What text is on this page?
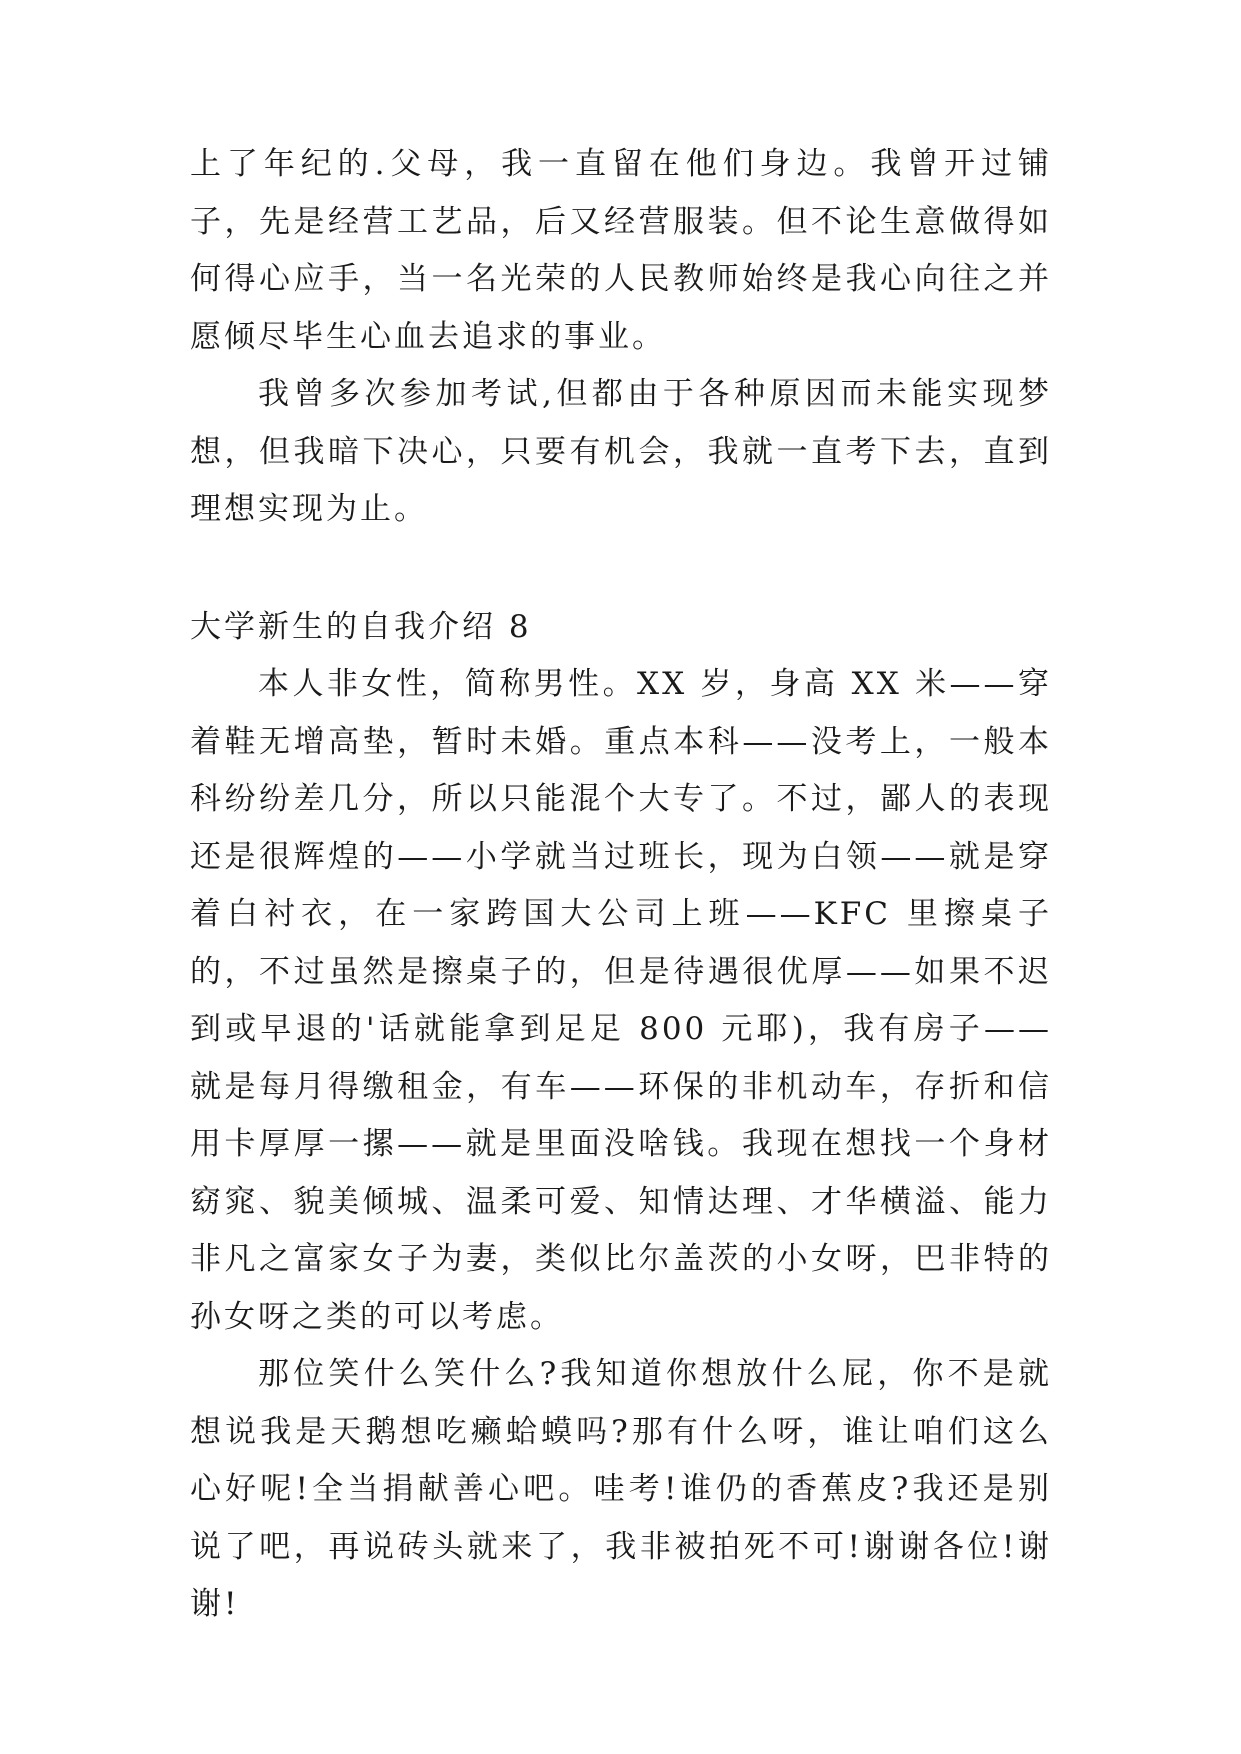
上了年纪的.父母，我一直留在他们身边。我曾开过铺子，先是经营工艺品，后又经营服装。但不论生意做得如何得心应手，当一名光荣的人民教师始终是我心向往之并愿倾尽毕生心血去追求的事业。

我曾多次参加考试,但都由于各种原因而未能实现梦想，但我暗下决心，只要有机会，我就一直考下去，直到理想实现为止。

大学新生的自我介绍 8

本人非女性，简称男性。XX 岁，身高 XX 米——穿着鞋无增高垫，暂时未婚。重点本科——没考上，一般本科纷纷差几分，所以只能混个大专了。不过，鄙人的表现还是很辉煌的——小学就当过班长，现为白领——就是穿着白衬衣，在一家跨国大公司上班——KFC 里擦桌子的，不过虽然是擦桌子的，但是待遇很优厚——如果不迟到或早退的'话就能拿到足足 800 元耶)，我有房子——就是每月得缴租金，有车——环保的非机动车，存折和信用卡厚厚一摞——就是里面没啥钱。我现在想找一个身材窈窕、貌美倾城、温柔可爱、知情达理、才华横溢、能力非凡之富家女子为妻，类似比尔盖茨的小女呀，巴非特的孙女呀之类的可以考虑。

那位笑什么笑什么?我知道你想放什么屁，你不是就想说我是天鹅想吃癞蛤蟆吗?那有什么呀，谁让咱们这么心好呢!全当捐献善心吧。哇考!谁仍的香蕉皮?我还是别说了吧，再说砖头就来了，我非被拍死不可!谢谢各位!谢谢!
